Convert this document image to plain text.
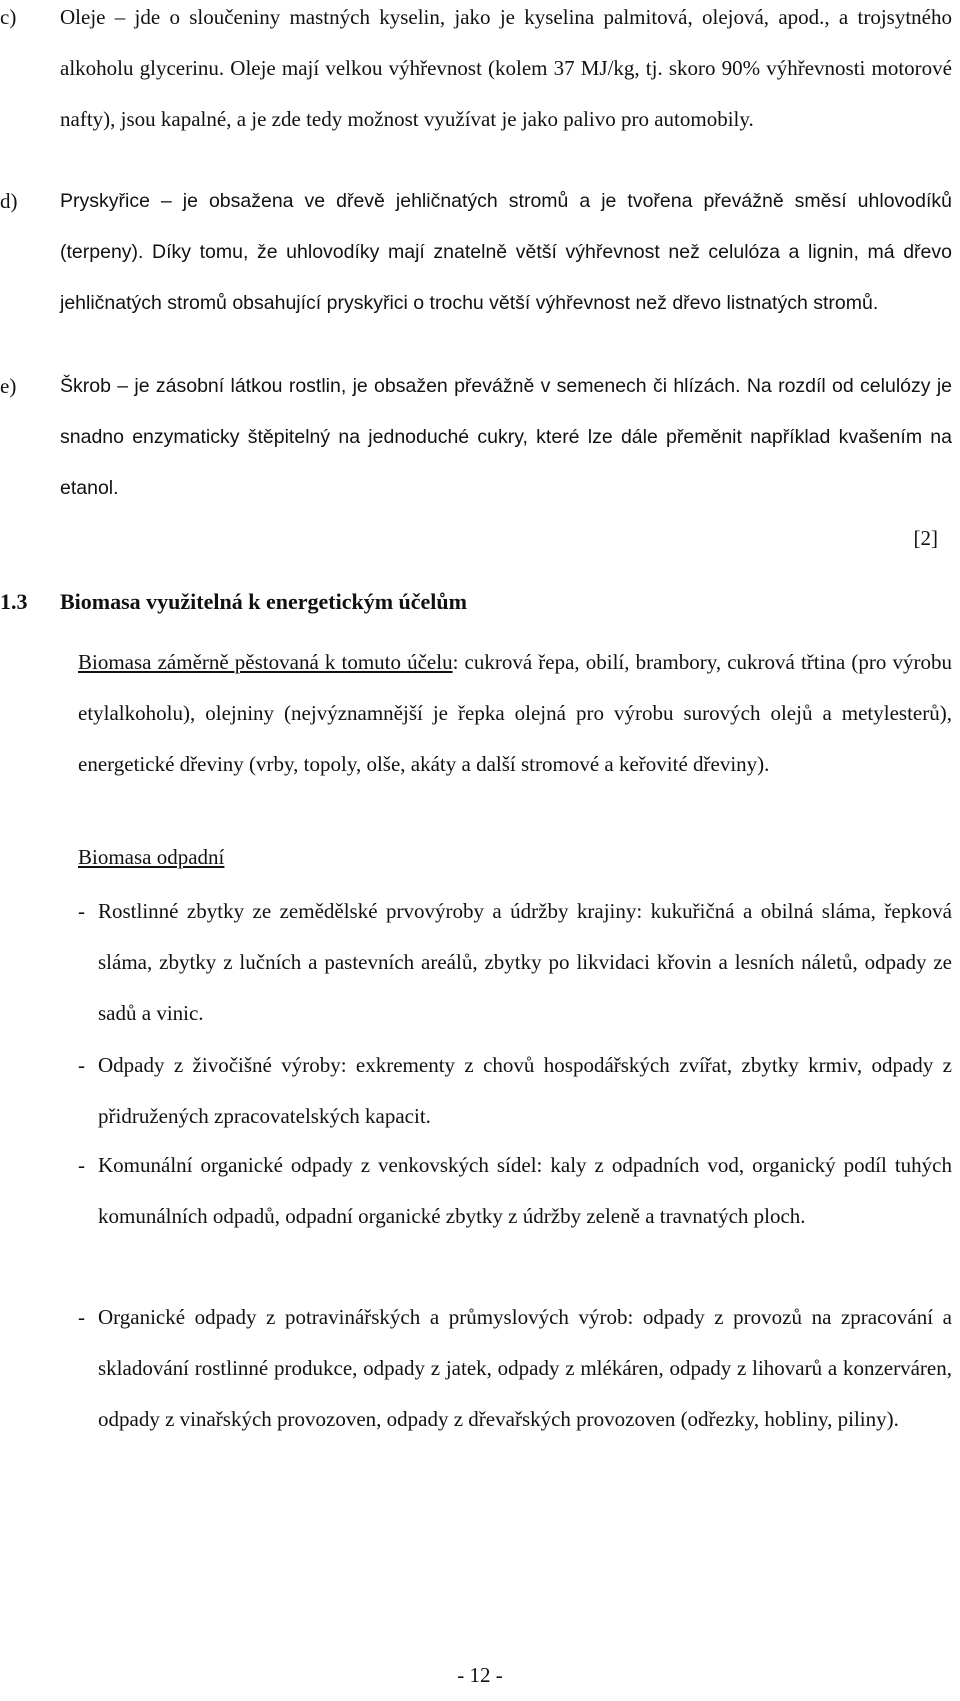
c) Oleje – jde o sloučeniny mastných kyselin, jako je kyselina palmitová, olejová, apod., a trojsytného alkoholu glycerinu. Oleje mají velkou výhřevnost (kolem 37 MJ/kg, tj. skoro 90% výhřevnosti motorové nafty), jsou kapalné, a je zde tedy možnost využívat je jako palivo pro automobily.
d) Pryskyřice – je obsažena ve dřevě jehličnatých stromů a je tvořena převážně směsí uhlovodíků (terpeny). Díky tomu, že uhlovodíky mají znatelně větší výhřevnost než celulóza a lignin, má dřevo jehličnatých stromů obsahující pryskyřici o trochu větší výhřevnost než dřevo listnatých stromů.
e) Škrob – je zásobní látkou rostlin, je obsažen převážně v semenech či hlízách. Na rozdíl od celulózy je snadno enzymaticky štěpitelný na jednoduché cukry, které lze dále přeměnit například kvašením na etanol.
[2]
1.3 Biomasa využitelná k energetickým účelům
Biomasa záměrně pěstovaná k tomuto účelu: cukrová řepa, obilí, brambory, cukrová třtina (pro výrobu etylalkoholu), olejniny (nejvýznamnější je řepka olejná pro výrobu surových olejů a metylesterů), energetické dřeviny (vrby, topoly, olše, akáty a další stromové a keřovité dřeviny).
Biomasa odpadní
- Rostlinné zbytky ze zemědělské prvovýroby a údržby krajiny: kukuřičná a obilná sláma, řepková sláma, zbytky z lučních a pastevních areálů, zbytky po likvidaci křovin a lesních náletů, odpady ze sadů a vinic.
- Odpady z živočišné výroby: exkrementy z chovů hospodářských zvířat, zbytky krmiv, odpady z přidružených zpracovatelských kapacit.
- Komunální organické odpady z venkovských sídel: kaly z odpadních vod, organický podíl tuhých komunálních odpadů, odpadní organické zbytky z údržby zeleně a travnatých ploch.
- Organické odpady z potravinářských a průmyslových výrob: odpady z provozů na zpracování a skladování rostlinné produkce, odpady z jatek, odpady z mlékáren, odpady z lihovarů a konzerváren, odpady z vinařských provozoven, odpady z dřevařských provozoven (odřezky, hobliny, piliny).
- 12 -
